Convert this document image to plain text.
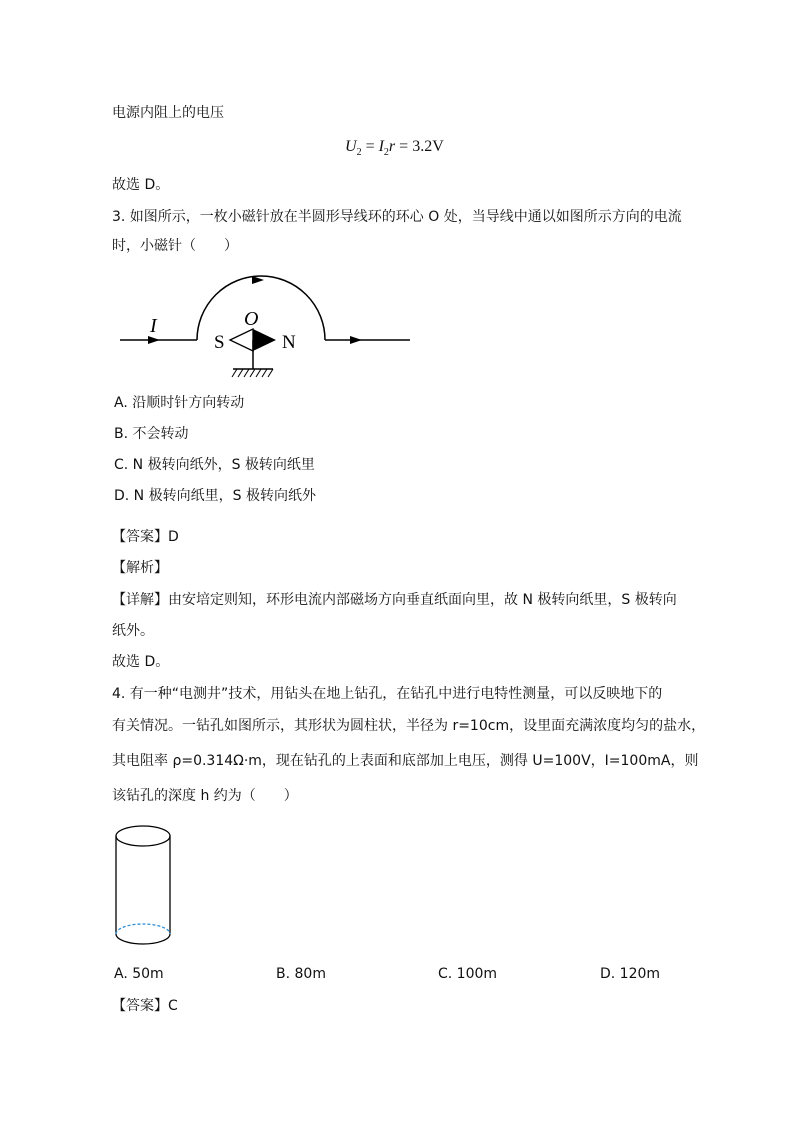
电源内阻上的电压
$U_2 = I_2r = 3.2V$
故选 D。
3. 如图所示，一枚小磁针放在半圆形导线环的环心 O 处，当导线中通以如图所示方向的电流
时，小磁针（　　）
I	O
S	N
A. 沿顺时针方向转动
B. 不会转动
C. N 极转向纸外，S 极转向纸里
D. N 极转向纸里，S 极转向纸外
【答案】D
【解析】
【详解】由安培定则知，环形电流内部磁场方向垂直纸面向里，故 N 极转向纸里，S 极转向
纸外。
故选 D。
4. 有一种“电测井”技术，用钻头在地上钻孔，在钻孔中进行电特性测量，可以反映地下的
有关情况。一钻孔如图所示，其形状为圆柱状，半径为 r=10cm，设里面充满浓度均匀的盐水，
其电阻率 ρ=0.314Ω·m，现在钻孔的上表面和底部加上电压，测得 U=100V，I=100mA，则
该钻孔的深度 h 约为（　　）
A. 50m	B. 80m	C. 100m	D. 120m
【答案】C
